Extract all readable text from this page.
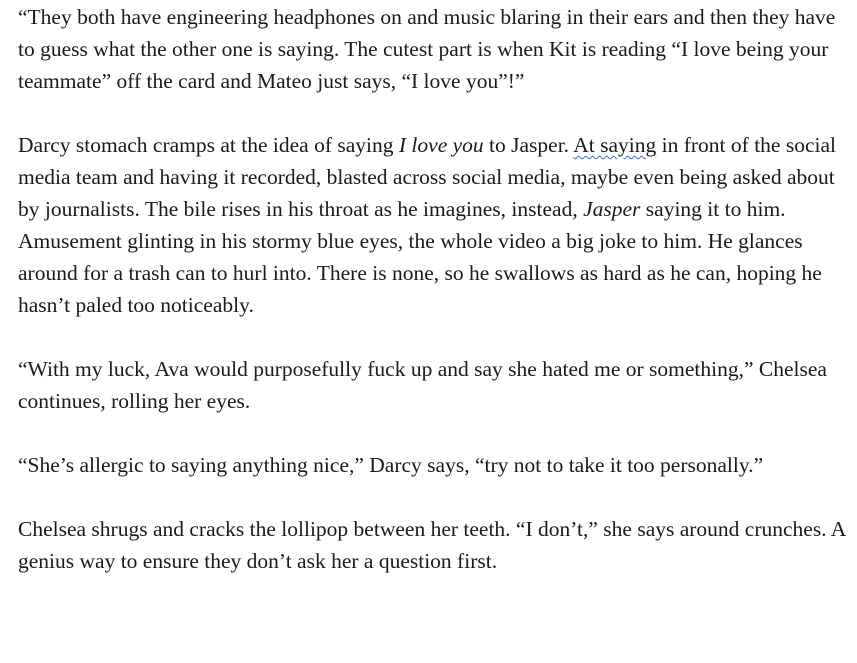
“They both have engineering headphones on and music blaring in their ears and then they have to guess what the other one is saying. The cutest part is when Kit is reading “I love being your teammate” off the card and Mateo just says, “I love you”!”

Darcy stomach cramps at the idea of saying I love you to Jasper. At saying in front of the social media team and having it recorded, blasted across social media, maybe even being asked about by journalists. The bile rises in his throat as he imagines, instead, Jasper saying it to him. Amusement glinting in his stormy blue eyes, the whole video a big joke to him. He glances around for a trash can to hurl into. There is none, so he swallows as hard as he can, hoping he hasn’t paled too noticeably.

“With my luck, Ava would purposefully fuck up and say she hated me or something,” Chelsea continues, rolling her eyes.

“She’s allergic to saying anything nice,” Darcy says, “try not to take it too personally.”

Chelsea shrugs and cracks the lollipop between her teeth. “I don’t,” she says around crunches. A genius way to ensure they don’t ask her a question first.
